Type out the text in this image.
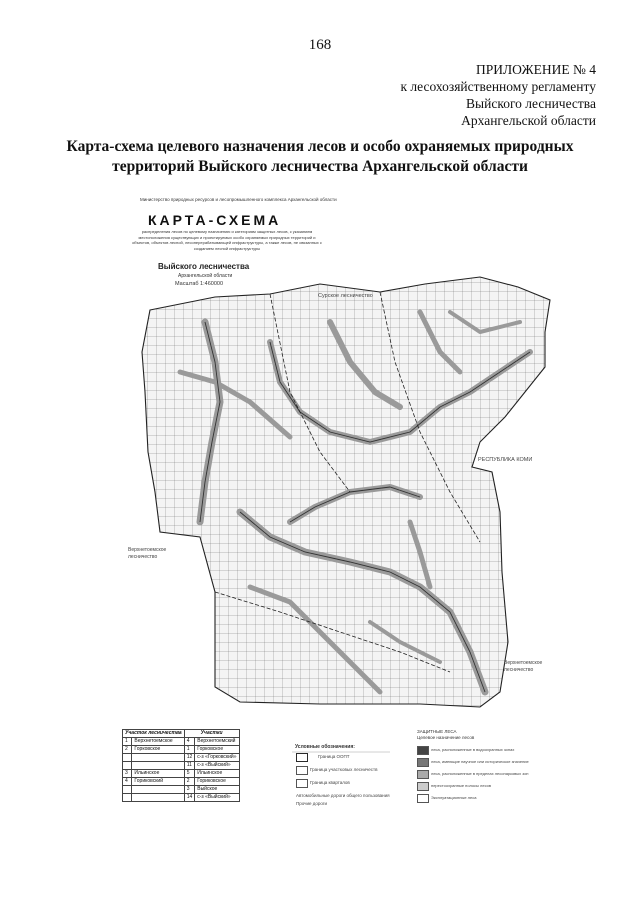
168
ПРИЛОЖЕНИЕ № 4
к лесохозяйственному регламенту
Выйского лесничества
Архангельской области
Карта-схема целевого назначения лесов и особо охраняемых природных
территорий Выйского лесничества Архангельской области
Министерство природных ресурсов и лесопромышленного комплекса Архангельской области
КАРТА-СХЕМА
распределения лесов по целевому назначению и категориям защитных лесов, с указанием местоположения существующих и проектируемых особо охраняемых природных территорий и объектов, объектов лесной, лесоперерабатывающей инфраструктуры, а также лесов, не связанных с созданием лесной инфраструктуры
Выйского лесничества
Архангельской области
Масштаб 1:460000
Сурское лесничество
РЕСПУБЛИКА КОМИ
Верхнетоемское лесничество
Верхнетоемское лесничество
Участок лесничества		Участки	
1	Верхнетоемское	4	Верхнетоемский
2	Горковское	1	Горковское
		12	с-з «Горковский»
		11	с-з «Выйский»
3	Ильинское	5	Ильинское
4	Гориковский	2	Гориковское
		3	Выйское
		14	с-з «Выйский»
Условные обозначения:
Граница ООПТ
Граница участковых лесничеств
Граница кварталов
Автомобильные дороги общего пользования
Прочие дороги
ЗАЩИТНЫЕ ЛЕСА
Целевое назначение лесов
леса, расположенные в водоохранных зонах
леса, имеющие научное или историческое значение
леса, расположенные в пределах лесопарковых зон
нерестоохранные полосы лесов
Эксплуатационные леса
